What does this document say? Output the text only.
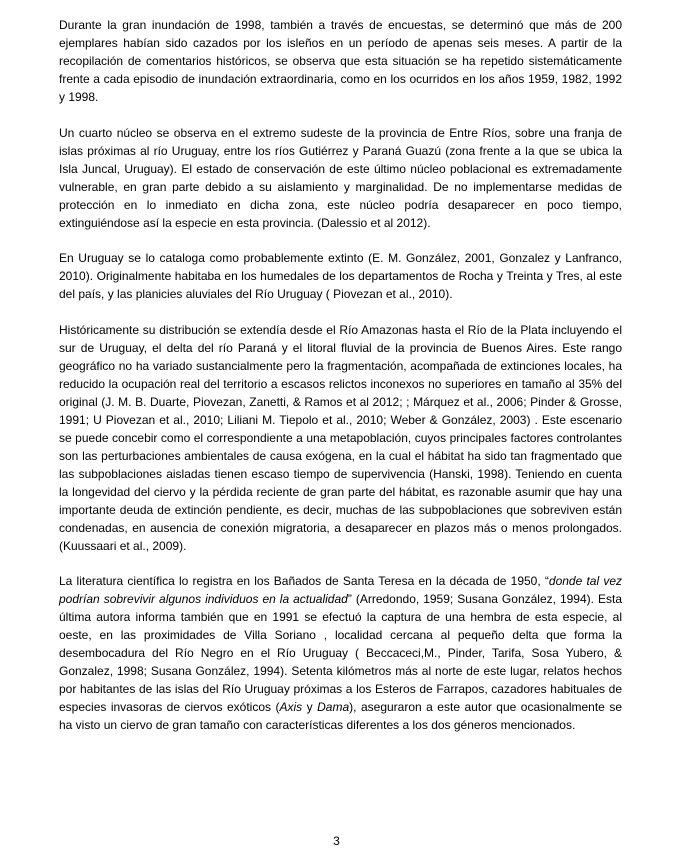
Durante la gran inundación de 1998, también a través de encuestas, se determinó que más de 200 ejemplares habían sido cazados por los isleños en un período de apenas seis meses. A partir de la recopilación de comentarios históricos, se observa que esta situación se ha repetido sistemáticamente frente a cada episodio de inundación extraordinaria, como en los ocurridos en los años 1959, 1982, 1992 y 1998.

Un cuarto núcleo se observa en el extremo sudeste de la provincia de Entre Ríos, sobre una franja de islas próximas al río Uruguay, entre los ríos Gutiérrez y Paraná Guazú (zona frente a la que se ubica la Isla Juncal, Uruguay). El estado de conservación de este último núcleo poblacional es extremadamente vulnerable, en gran parte debido a su aislamiento y marginalidad. De no implementarse medidas de protección en lo inmediato en dicha zona, este núcleo podría desaparecer en poco tiempo, extinguiéndose así la especie en esta provincia. (Dalessio et al 2012).

En Uruguay se lo cataloga como probablemente extinto (E. M. González, 2001, Gonzalez y Lanfranco, 2010). Originalmente habitaba en los humedales de los departamentos de Rocha y Treinta y Tres, al este del país, y las planicies aluviales del Río Uruguay ( Piovezan et al., 2010).

Históricamente su distribución se extendía desde el Río Amazonas hasta el Río de la Plata incluyendo el sur de Uruguay, el delta del río Paraná y el litoral fluvial de la provincia de Buenos Aires. Este rango geográfico no ha variado sustancialmente pero la fragmentación, acompañada de extinciones locales, ha reducido la ocupación real del territorio a escasos relictos inconexos no superiores en tamaño al 35% del original (J. M. B. Duarte, Piovezan, Zanetti, & Ramos et al 2012; ; Márquez et al., 2006; Pinder & Grosse, 1991; U Piovezan et al., 2010; Liliani M. Tiepolo et al., 2010; Weber & González, 2003) . Este escenario se puede concebir como el correspondiente a una metapoblación, cuyos principales factores controlantes son las perturbaciones ambientales de causa exógena, en la cual el hábitat ha sido tan fragmentado que las subpoblaciones aisladas tienen escaso tiempo de supervivencia (Hanski, 1998). Teniendo en cuenta la longevidad del ciervo y la pérdida reciente de gran parte del hábitat, es razonable asumir que hay una importante deuda de extinción pendiente, es decir, muchas de las subpoblaciones que sobreviven están condenadas, en ausencia de conexión migratoria, a desaparecer en plazos más o menos prolongados. (Kuussaari et al., 2009).

La literatura científica lo registra en los Bañados de Santa Teresa en la década de 1950, “donde tal vez podrían sobrevivir algunos individuos en la actualidad” (Arredondo, 1959; Susana González, 1994). Esta última autora informa también que en 1991 se efectuó la captura de una hembra de esta especie, al oeste, en las proximidades de Villa Soriano , localidad cercana al pequeño delta que forma la desembocadura del Río Negro en el Río Uruguay ( Beccaceci,M., Pinder, Tarifa, Sosa Yubero, & Gonzalez, 1998; Susana González, 1994). Setenta kilómetros más al norte de este lugar, relatos hechos por habitantes de las islas del Río Uruguay próximas a los Esteros de Farrapos, cazadores habituales de especies invasoras de ciervos exóticos (Axis y Dama), aseguraron a este autor que ocasionalmente se ha visto un ciervo de gran tamaño con características diferentes a los dos géneros mencionados.

3
